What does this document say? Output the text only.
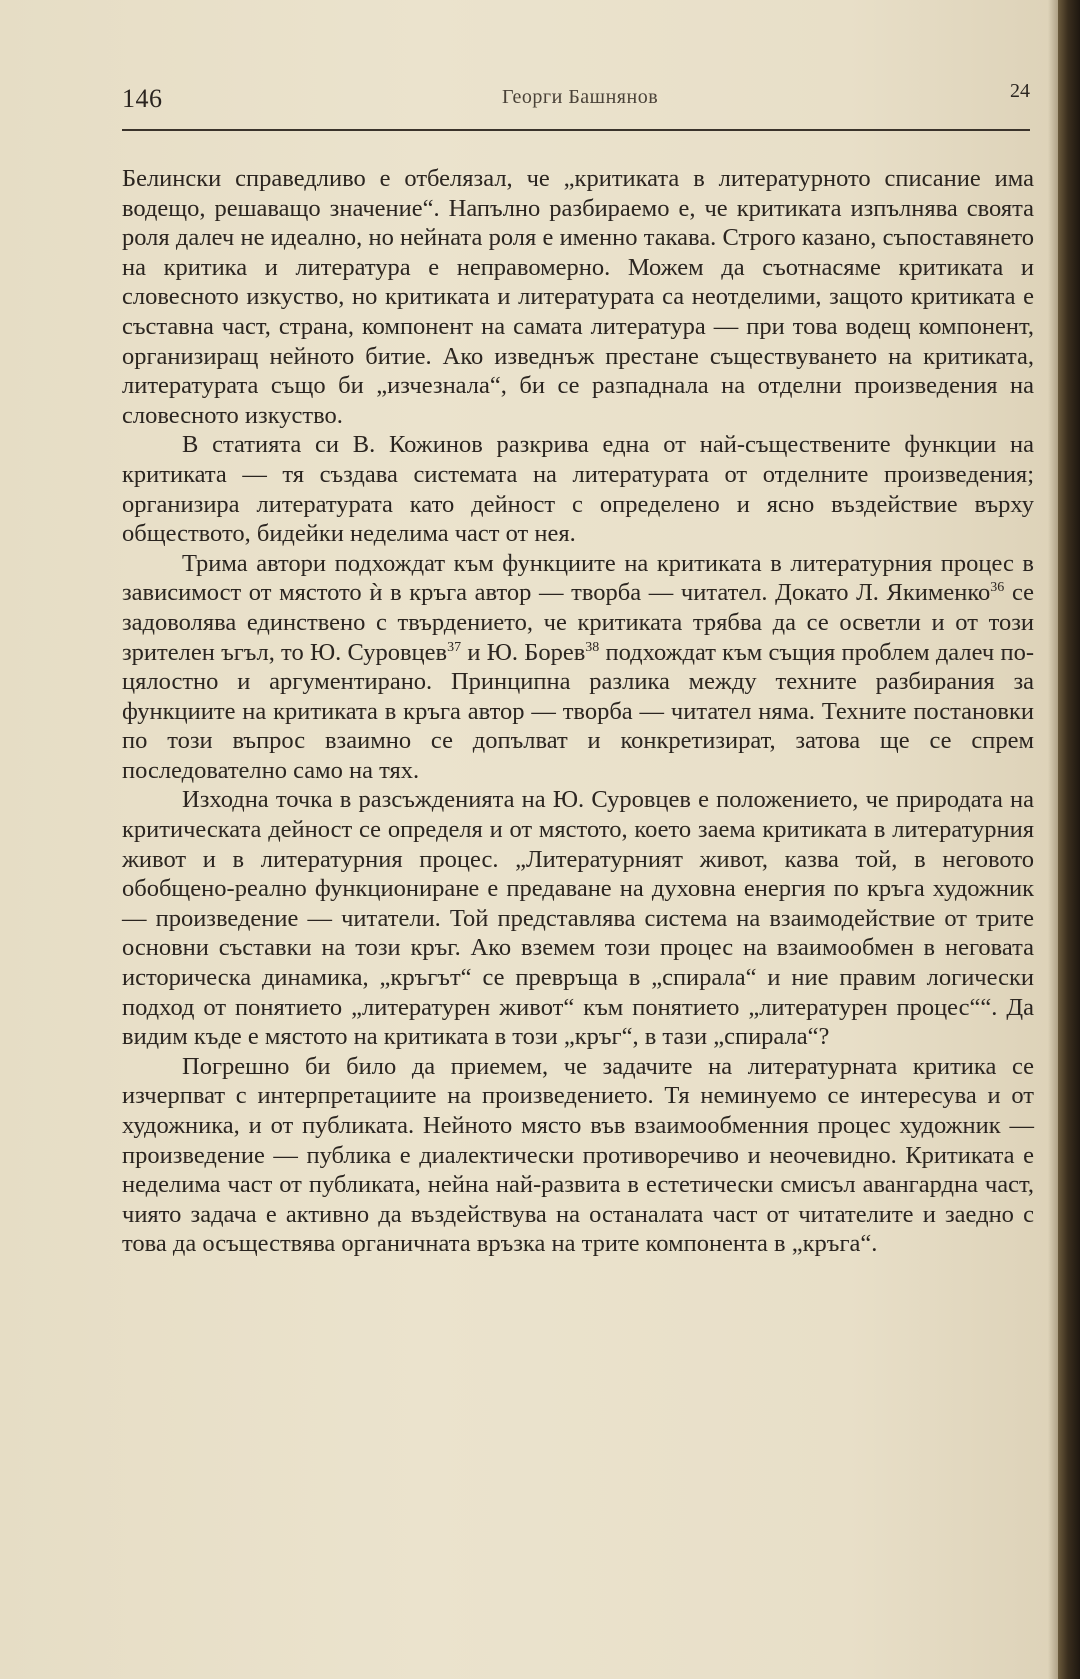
146	Георги Башнянов	24

Белински справедливо е отбелязал, че „критиката в литературното списание има водещо, решаващо значение“. Напълно разбираемо е, че критиката изпълнява своята роля далеч не идеално, но нейната роля е именно такава. Строго казано, съпоставянето на критика и литература е неправомерно. Можем да съотнасяме критиката и словесното изкуство, но критиката и литературата са неотделими, защото критиката е съставна част, страна, компонент на самата литература — при това водещ компонент, организиращ нейното битие. Ако изведнъж престане съществуването на критиката, литературата също би „изчезнала“, би се разпаднала на отделни произведения на словесното изкуство.

В статията си В. Кожинов разкрива една от най-съществените функции на критиката — тя създава системата на литературата от отделните произведения; организира литературата като дейност с определено и ясно въздействие върху обществото, бидейки неделима част от нея.

Трима автори подхождат към функциите на критиката в литературния процес в зависимост от мястото ѝ в кръга автор — творба — читател. Докато Л. Якименко$^{36}$ се задоволява единствено с твърдението, че критиката трябва да се осветли и от този зрителен ъгъл, то Ю. Суровцев$^{37}$ и Ю. Борев$^{38}$ подхождат към същия проблем далеч по-цялостно и аргументирано. Принципна разлика между техните разбирания за функциите на критиката в кръга автор — творба — читател няма. Техните постановки по този въпрос взаимно се допълват и конкретизират, затова ще се спрем последователно само на тях.

Изходна точка в разсъжденията на Ю. Суровцев е положението, че природата на критическата дейност се определя и от мястото, което заема критиката в литературния живот и в литературния процес. „Литературният живот, казва той, в неговото обобщено-реално функциониране е предаване на духовна енергия по кръга художник — произведение — читатели. Той представлява система на взаимодействие от трите основни съставки на този кръг. Ако вземем този процес на взаимообмен в неговата историческа динамика, „кръгът“ се превръща в „спирала“ и ние правим логически подход от понятието „литературен живот“ към понятието „литературен процес““. Да видим къде е мястото на критиката в този „кръг“, в тази „спирала“?

Погрешно би било да приемем, че задачите на литературната критика се изчерпват с интерпретациите на произведението. Тя неминуемо се интересува и от художника, и от публиката. Нейното място във взаимообменния процес художник — произведение — публика е диалектически противоречиво и неочевидно. Критиката е неделима част от публиката, нейна най-развита в естетически смисъл авангардна част, чиято задача е активно да въздействува на останалата част от читателите и заедно с това да осъществява органичната връзка на трите компонента в „кръга“.
